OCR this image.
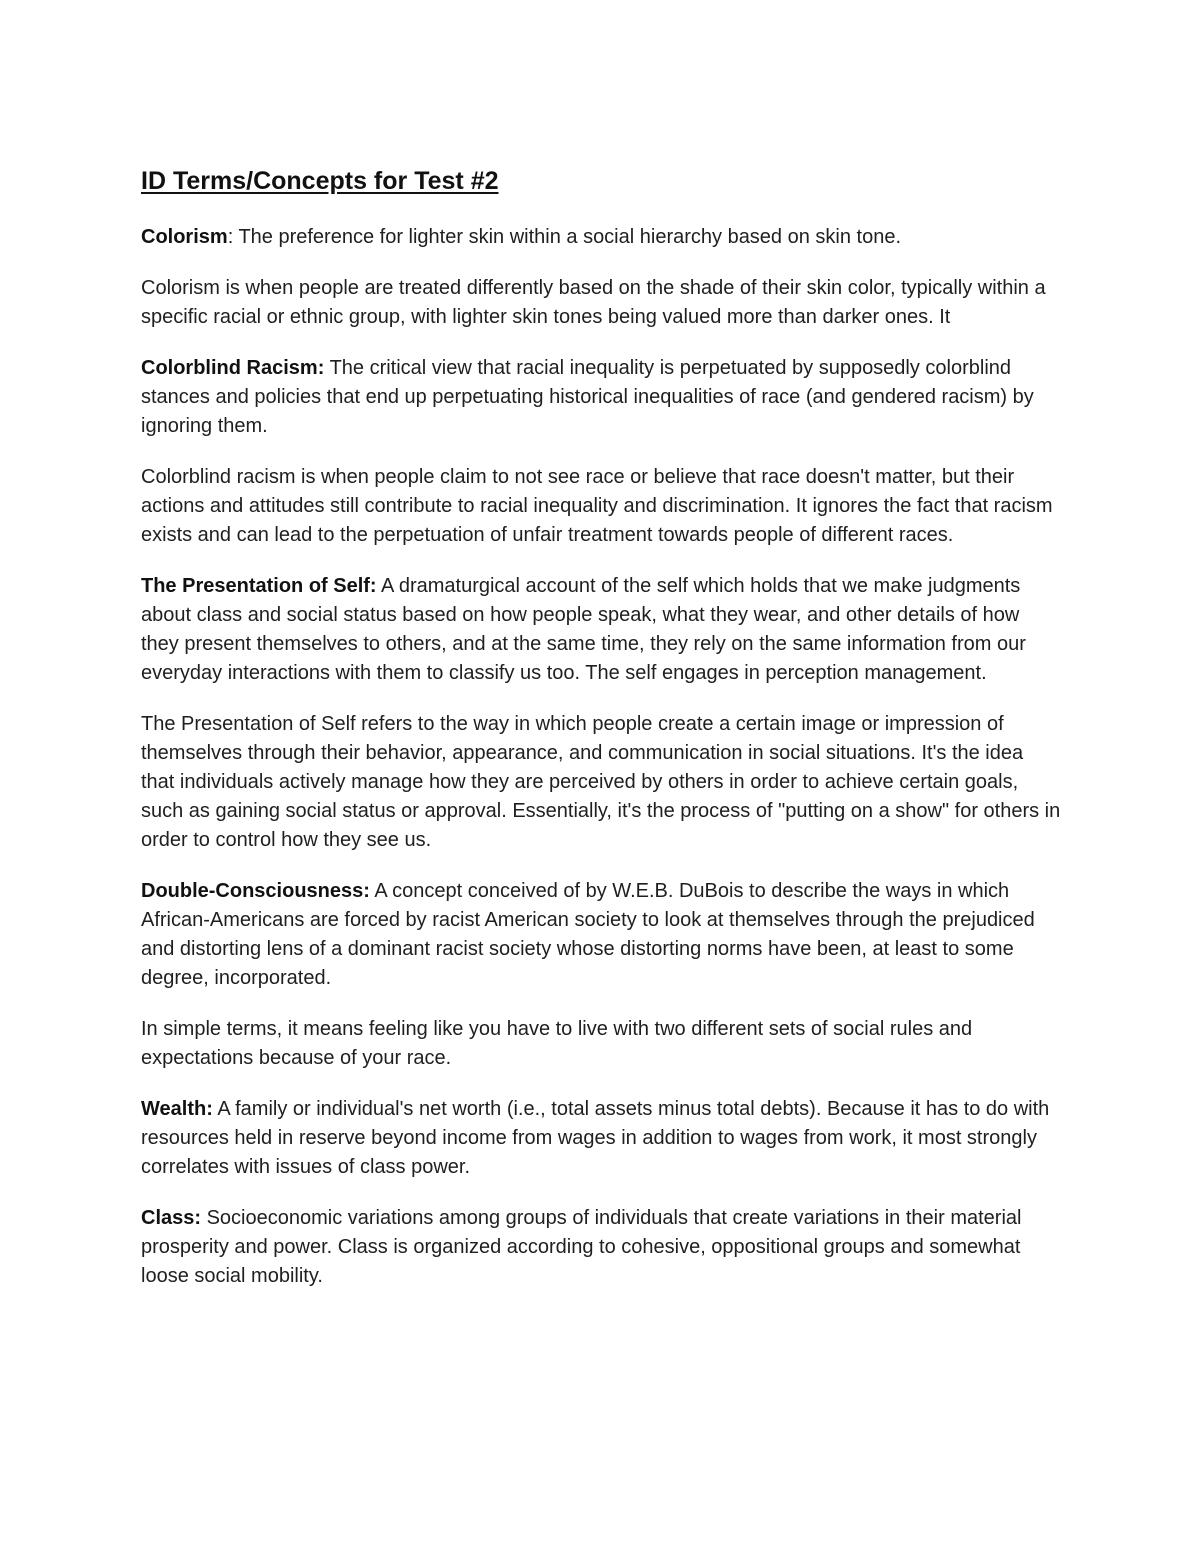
ID Terms/Concepts for Test #2

Colorism: The preference for lighter skin within a social hierarchy based on skin tone.

Colorism is when people are treated differently based on the shade of their skin color, typically within a specific racial or ethnic group, with lighter skin tones being valued more than darker ones. It

Colorblind Racism: The critical view that racial inequality is perpetuated by supposedly colorblind stances and policies that end up perpetuating historical inequalities of race (and gendered racism) by ignoring them.

Colorblind racism is when people claim to not see race or believe that race doesn't matter, but their actions and attitudes still contribute to racial inequality and discrimination. It ignores the fact that racism exists and can lead to the perpetuation of unfair treatment towards people of different races.

The Presentation of Self: A dramaturgical account of the self which holds that we make judgments about class and social status based on how people speak, what they wear, and other details of how they present themselves to others, and at the same time, they rely on the same information from our everyday interactions with them to classify us too. The self engages in perception management.

The Presentation of Self refers to the way in which people create a certain image or impression of themselves through their behavior, appearance, and communication in social situations. It's the idea that individuals actively manage how they are perceived by others in order to achieve certain goals, such as gaining social status or approval. Essentially, it's the process of "putting on a show" for others in order to control how they see us.

Double-Consciousness: A concept conceived of by W.E.B. DuBois to describe the ways in which African-Americans are forced by racist American society to look at themselves through the prejudiced and distorting lens of a dominant racist society whose distorting norms have been, at least to some degree, incorporated.

In simple terms, it means feeling like you have to live with two different sets of social rules and expectations because of your race.

Wealth: A family or individual's net worth (i.e., total assets minus total debts). Because it has to do with resources held in reserve beyond income from wages in addition to wages from work, it most strongly correlates with issues of class power.

Class: Socioeconomic variations among groups of individuals that create variations in their material prosperity and power. Class is organized according to cohesive, oppositional groups and somewhat loose social mobility.
